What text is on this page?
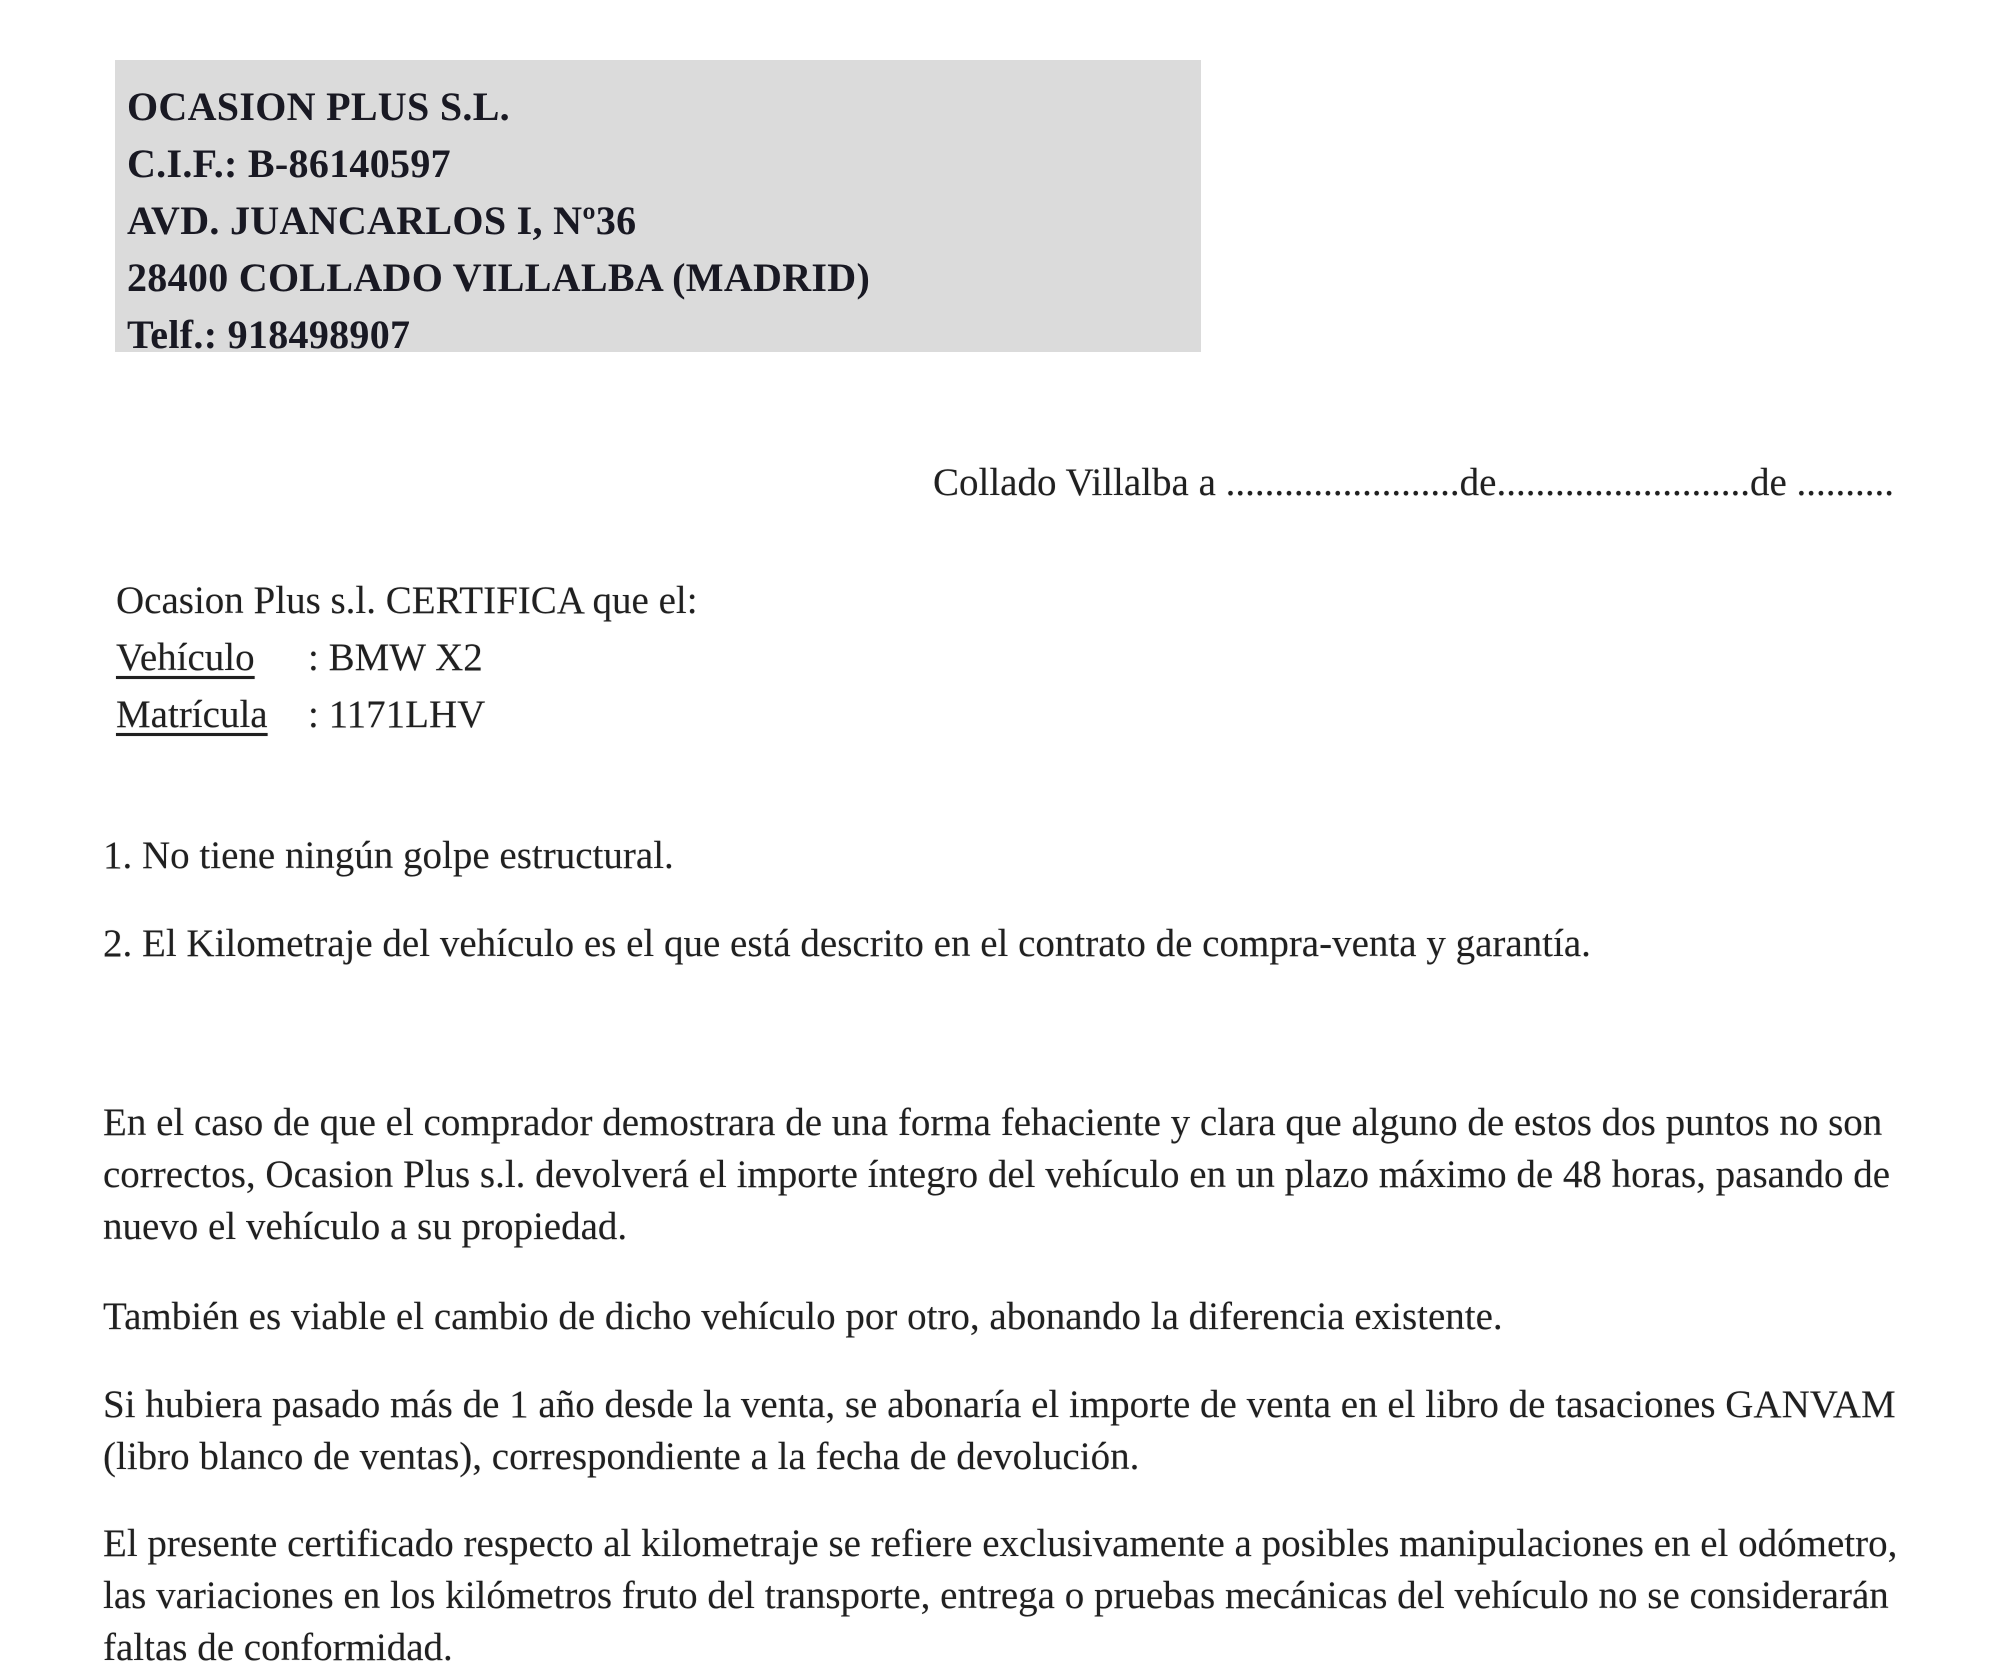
OCASION PLUS S.L.
C.I.F.: B-86140597
AVD. JUANCARLOS I, Nº36
28400 COLLADO VILLALBA (MADRID)
Telf.: 918498907
Collado Villalba a ........................de..........................de ..........
Ocasion Plus s.l. CERTIFICA que el:
Vehículo : BMW X2
Matrícula : 1171LHV
1. No tiene ningún golpe estructural.
2. El Kilometraje del vehículo es el que está descrito en el contrato de compra-venta y garantía.
En el caso de que el comprador demostrara de una forma fehaciente y clara que alguno de estos dos puntos no son correctos, Ocasion Plus s.l. devolverá el importe íntegro del vehículo en un plazo máximo de 48 horas, pasando de nuevo el vehículo a su propiedad.
También es viable el cambio de dicho vehículo por otro, abonando la diferencia existente.
Si hubiera pasado más de 1 año desde la venta, se abonaría el importe de venta en el libro de tasaciones GANVAM (libro blanco de ventas), correspondiente a la fecha de devolución.
El presente certificado respecto al kilometraje se refiere exclusivamente a posibles manipulaciones en el odómetro, las variaciones en los kilómetros fruto del transporte, entrega o pruebas mecánicas del vehículo no se considerarán faltas de conformidad.
